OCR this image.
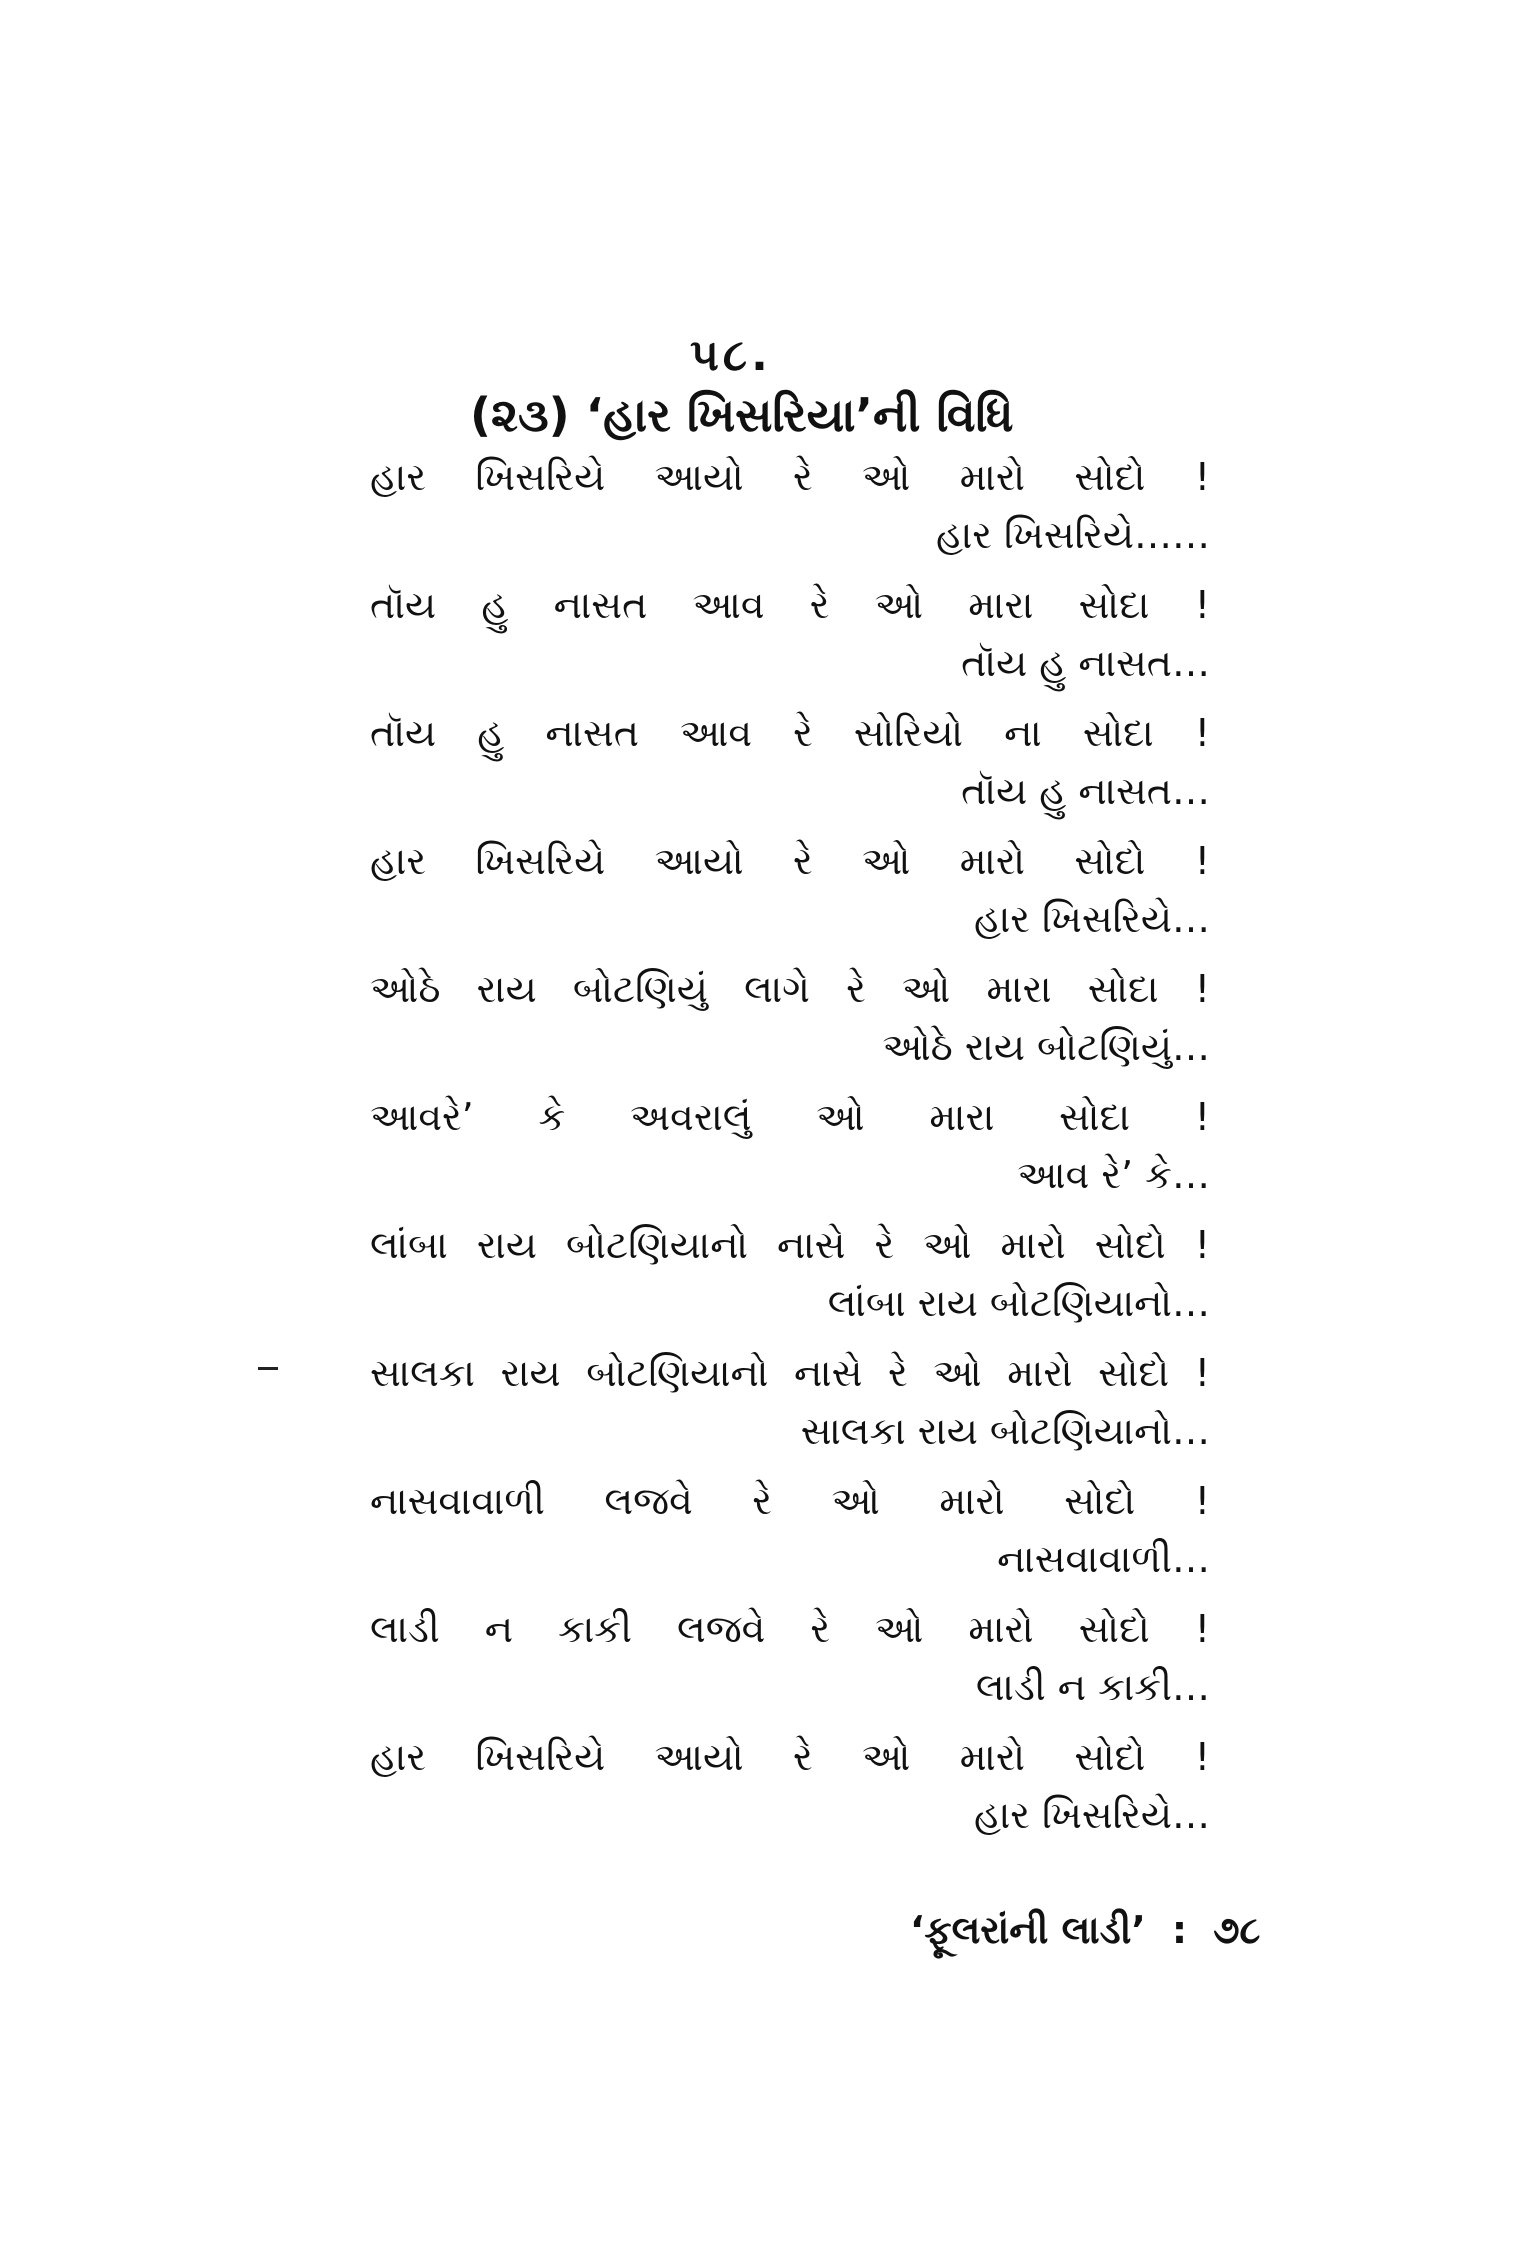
૫૮.
(૨૩) ‘હાર ખિસરિયા’ની વિધિ
હાર ખિસરિયે આયો રે ઓ મારો સોદો !
હાર ખિસરિયે……
તૉય હુ નાસત આવ રે ઓ મારા સોદા !
તૉય હુ નાસત…
તૉય હુ નાસત આવ રે સોરિયો ના સોદા !
તૉય હુ નાસત…
હાર ખિસરિયે આયો રે ઓ મારો સોદો !
હાર ખિસરિયે…
ઓઠે રાય બોટણિયું લાગે રે ઓ મારા સોદા !
ઓઠે રાય બોટણિયું…
આવરે’ કે અવરાલું ઓ મારા સોદા !
આવ રે’ કે…
લાંબા રાય બોટણિયાનો નાસે રે ઓ મારો સોદો !
લાંબા રાય બોટણિયાનો…
સાલકા રાય બોટણિયાનો નાસે રે ઓ મારો સોદો !
સાલકા રાય બોટણિયાનો…
નાસવાવાળી લજવે રે ઓ મારો સોદો !
નાસવાવાળી…
લાડી ન કાકી લજવે રે ઓ મારો સોદો !
લાડી ન કાકી…
હાર ખિસરિયે આયો રે ઓ મારો સોદો !
હાર ખિસરિયે…
‘ફૂલરાંની લાડી’ : ૭૮
